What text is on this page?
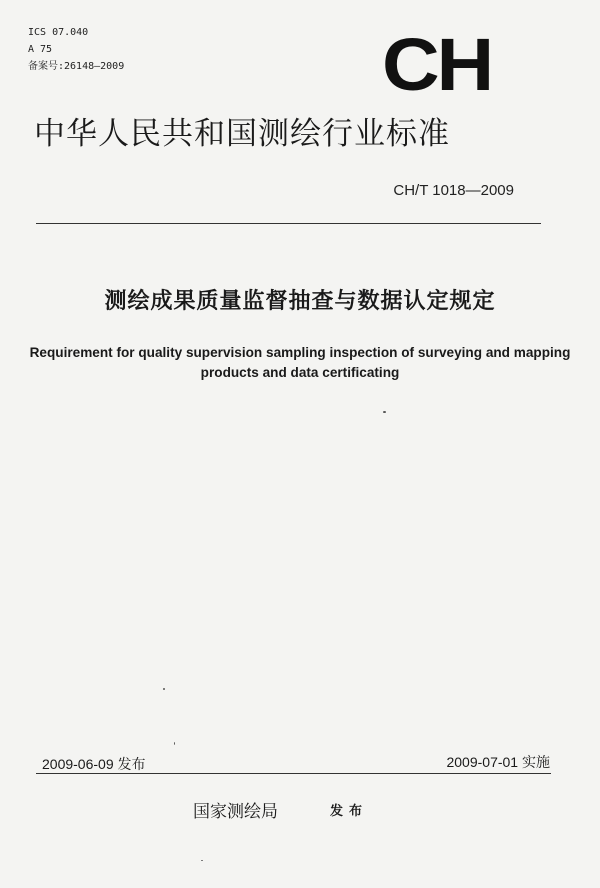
ICS 07.040
A 75
备案号:26148—2009	CH
中华人民共和国测绘行业标准
CH/T 1018—2009
测绘成果质量监督抽查与数据认定规定
Requirement for quality supervision sampling inspection of surveying and mapping
products and data certificating
2009-06-09 发布	2009-07-01 实施
国家测绘局	发布
